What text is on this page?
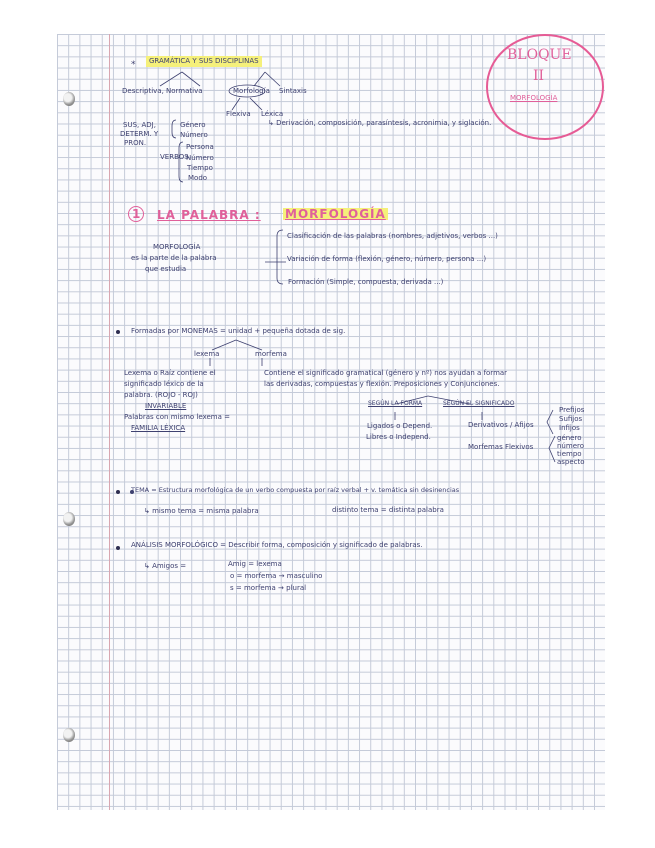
*	GRAMÁTICA Y SUS DISCIPLINAS	BLOQUE
II
MORFOLOGÍA
Descriptiva, Normativa	Morfología Sintaxis
Flexiva Léxica
↳ Derivación, composición, parasíntesis, acronimia, y siglación.
SUS, ADJ,
DETERM. Y
PRON.
Género
Número
VERBOS
Persona
Número
Tiempo
Modo
1 LA PALABRA : MORFOLOGÍA
MORFOLOGÍA
es la parte de la palabra
que estudia
Clasificación de las palabras (nombres, adjetivos, verbos ...)
Variación de forma (flexión, género, número, persona ...)
Formación (Simple, compuesta, derivada ...)
Formadas por MONEMAS = unidad + pequeña dotada de sig.
lexema	morfema
Lexema o Raíz contiene el
significado léxico de la
palabra. (ROJO - ROJ)
INVARIABLE
Palabras con mismo lexema =
FAMILIA LÉXICA
Contiene el significado gramatical (género y nº) nos ayudan a formar
las derivadas, compuestas y flexión. Preposiciones y Conjunciones.
SEGÚN LA FORMA	SEGÚN EL SIGNIFICADO
Ligados o Depend.
Libres o Independ.
Derivativos / Afijos
Prefijos
Sufijos
Infijos
Morfemas Flexivos
género
número
tiempo
aspecto
TEMA = Estructura morfológica de un verbo compuesta por raíz verbal + v. temática sin desinencias
↳ mismo tema = misma palabra	distinto tema = distinta palabra
ANÁLISIS MORFOLÓGICO = Describir forma, composición y significado de palabras.
↳ Amigos =	Amig = lexema
o = morfema → masculino
s = morfema → plural
